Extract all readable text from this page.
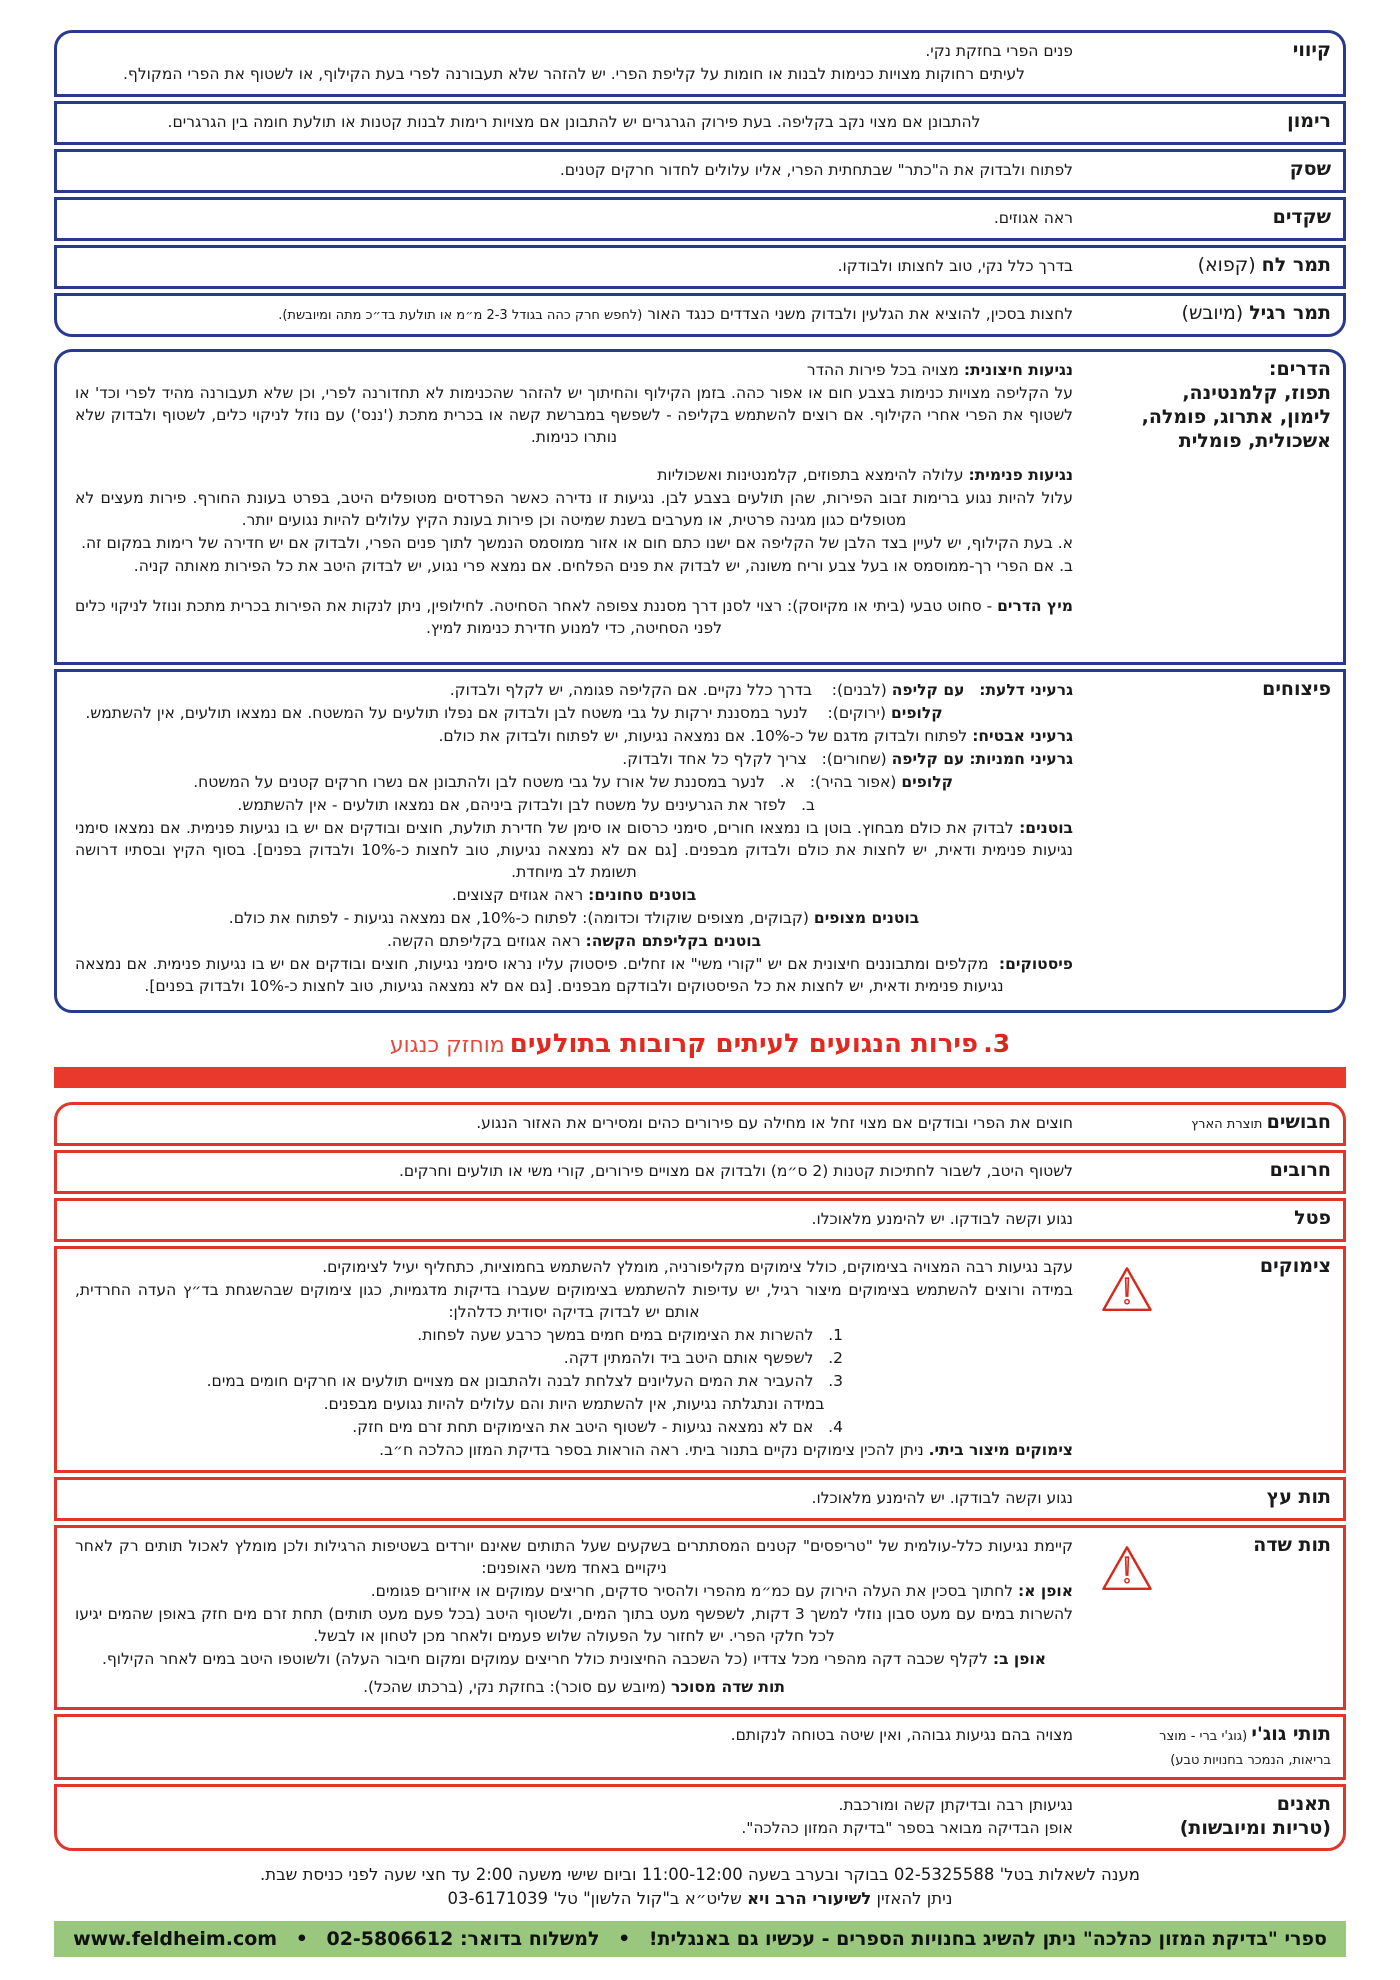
קיווי
פנים הפרי בחזקת נקי.
לעיתים רחוקות מצויות כנימות לבנות או חומות על קליפת הפרי. יש להזהר שלא תעבורנה לפרי בעת הקילוף, או לשטוף את הפרי המקולף.
רימון
להתבונן אם מצוי נקב בקליפה. בעת פירוק הגרגרים יש להתבונן אם מצויות רימות לבנות קטנות או תולעת חומה בין הגרגרים.
שסק
לפתוח ולבדוק את ה"כתר" שבתחתית הפרי, אליו עלולים לחדור חרקים קטנים.
שקדים
ראה אגוזים.
תמר לח (קפוא)
בדרך כלל נקי, טוב לחצותו ולבודקו.
תמר רגיל (מיובש)
לחצות בסכין, להוציא את הגלעין ולבדוק משני הצדדים כנגד האור (לחפש חרק כהה בגודל 2-3 מ״מ או תולעת בד״כ מתה ומיובשת).
הדרים:
תפוז, קלמנטינה,
לימון, אתרוג, פומלה,
אשכולית, פומלית
נגיעות חיצונית: מצויה בכל פירות ההדר
על הקליפה מצויות כנימות בצבע חום או אפור כהה. בזמן הקילוף והחיתוך יש להזהר שהכנימות לא תחדורנה לפרי, וכן שלא תעבורנה מהיד לפרי וכד' או לשטוף את הפרי אחרי הקילוף. אם רוצים להשתמש בקליפה - לשפשף במברשת קשה או בכרית מתכת ('ננס') עם נוזל לניקוי כלים, לשטוף ולבדוק שלא נותרו כנימות.
נגיעות פנימית: עלולה להימצא בתפוזים, קלמנטינות ואשכוליות
עלול להיות נגוע ברימות זבוב הפירות, שהן תולעים בצבע לבן. נגיעות זו נדירה כאשר הפרדסים מטופלים היטב, בפרט בעונת החורף. פירות מעצים לא מטופלים כגון מגינה פרטית, או מערבים בשנת שמיטה וכן פירות בעונת הקיץ עלולים להיות נגועים יותר.
א. בעת הקילוף, יש לעיין בצד הלבן של הקליפה אם ישנו כתם חום או אזור ממוסמס הנמשך לתוך פנים הפרי, ולבדוק אם יש חדירה של רימות במקום זה.
ב. אם הפרי רך-ממוסמס או בעל צבע וריח משונה, יש לבדוק את פנים הפלחים. אם נמצא פרי נגוע, יש לבדוק היטב את כל הפירות מאותה קניה.
מיץ הדרים - סחוט טבעי (ביתי או מקיוסק): רצוי לסנן דרך מסננת צפופה לאחר הסחיטה. לחילופין, ניתן לנקות את הפירות בכרית מתכת ונוזל לניקוי כלים לפני הסחיטה, כדי למנוע חדירת כנימות למיץ.
פיצוחים
גרעיני דלעת:   עם קליפה (לבנים):    בדרך כלל נקיים. אם הקליפה פגומה, יש לקלף ולבדוק.
קלופים (ירוקים):    לנער במסננת ירקות על גבי משטח לבן ולבדוק אם נפלו תולעים על המשטח. אם נמצאו תולעים, אין להשתמש.
גרעיני אבטיח: לפתוח ולבדוק מדגם של כ-10%. אם נמצאה נגיעות, יש לפתוח ולבדוק את כולם.
גרעיני חמניות: עם קליפה (שחורים):   צריך לקלף כל אחד ולבדוק.
קלופים (אפור בהיר):   א.   לנער במסננת של אורז על גבי משטח לבן ולהתבונן אם נשרו חרקים קטנים על המשטח.
ב.   לפזר את הגרעינים על משטח לבן ולבדוק ביניהם, אם נמצאו תולעים - אין להשתמש.
בוטנים: לבדוק את כולם מבחוץ. בוטן בו נמצאו חורים, סימני כרסום או סימן של חדירת תולעת, חוצים ובודקים אם יש בו נגיעות פנימית. אם נמצאו סימני נגיעות פנימית ודאית, יש לחצות את כולם ולבדוק מבפנים. [גם אם לא נמצאה נגיעות, טוב לחצות כ-10% ולבדוק בפנים]. בסוף הקיץ ובסתיו דרושה תשומת לב מיוחדת.
בוטנים טחונים: ראה אגוזים קצוצים.
בוטנים מצופים (קבוקים, מצופים שוקולד וכדומה): לפתוח כ-10%, אם נמצאה נגיעות - לפתוח את כולם.
בוטנים בקליפתם הקשה: ראה אגוזים בקליפתם הקשה.
פיסטוקים:  מקלפים ומתבוננים חיצונית אם יש "קורי משי" או זחלים. פיסטוק עליו נראו סימני נגיעות, חוצים ובודקים אם יש בו נגיעות פנימית. אם נמצאה נגיעות פנימית ודאית, יש לחצות את כל הפיסטוקים ולבודקם מבפנים. [גם אם לא נמצאה נגיעות, טוב לחצות כ-10% ולבדוק בפנים].
3. פירות הנגועים לעיתים קרובות בתולעים מוחזק כנגוע
חבושים תוצרת הארץ
חוצים את הפרי ובודקים אם מצוי זחל או מחילה עם פירורים כהים ומסירים את האזור הנגוע.
חרובים
לשטוף היטב, לשבור לחתיכות קטנות (2 ס״מ) ולבדוק אם מצויים פירורים, קורי משי או תולעים וחרקים.
פטל
נגוע וקשה לבודקו. יש להימנע מלאוכלו.
צימוקים
עקב נגיעות רבה המצויה בצימוקים, כולל צימוקים מקליפורניה, מומלץ להשתמש בחמוציות, כתחליף יעיל לצימוקים.
במידה ורוצים להשתמש בצימוקים מיצור רגיל, יש עדיפות להשתמש בצימוקים שעברו בדיקות מדגמיות, כגון צימוקים שבהשגחת בד״ץ העדה החרדית, אותם יש לבדוק בדיקה יסודית כדלהלן:
1.   להשרות את הצימוקים במים חמים במשך כרבע שעה לפחות.
2.   לשפשף אותם היטב ביד ולהמתין דקה.
3.   להעביר את המים העליונים לצלחת לבנה ולהתבונן אם מצויים תולעים או חרקים חומים במים.
במידה ונתגלתה נגיעות, אין להשתמש היות והם עלולים להיות נגועים מבפנים.
4.   אם לא נמצאה נגיעות - לשטוף היטב את הצימוקים תחת זרם מים חזק.
צימוקים מיצור ביתי. ניתן להכין צימוקים נקיים בתנור ביתי. ראה הוראות בספר בדיקת המזון כהלכה ח״ב.
תות עץ
נגוע וקשה לבודקו. יש להימנע מלאוכלו.
תות שדה
קיימת נגיעות כלל-עולמית של "טריפסים" קטנים המסתתרים בשקעים שעל התותים שאינם יורדים בשטיפות הרגילות ולכן מומלץ לאכול תותים רק לאחר ניקויים באחד משני האופנים:
אופן א: לחתוך בסכין את העלה הירוק עם כמ״מ מהפרי ולהסיר סדקים, חריצים עמוקים או איזורים פגומים.
להשרות במים עם מעט סבון נוזלי למשך 3 דקות, לשפשף מעט בתוך המים, ולשטוף היטב (בכל פעם מעט תותים) תחת זרם מים חזק באופן שהמים יגיעו לכל חלקי הפרי. יש לחזור על הפעולה שלוש פעמים ולאחר מכן לטחון או לבשל.
אופן ב: לקלף שכבה דקה מהפרי מכל צדדיו (כל השכבה החיצונית כולל חריצים עמוקים ומקום חיבור העלה) ולשוטפו היטב במים לאחר הקילוף.
תות שדה מסוכר (מיובש עם סוכר): בחזקת נקי, (ברכתו שהכל).
תותי גוג'י (גוג'י ברי - מוצר
בריאות, הנמכר בחנויות טבע)
מצויה בהם נגיעות גבוהה, ואין שיטה בטוחה לנקותם.
תאנים
(טריות ומיובשות)
נגיעותן רבה ובדיקתן קשה ומורכבת.
אופן הבדיקה מבואר בספר "בדיקת המזון כהלכה".
מענה לשאלות בטל' 02-5325588 בבוקר ובערב בשעה 11:00-12:00 וביום שישי משעה 2:00 עד חצי שעה לפני כניסת שבת.
ניתן להאזין לשיעורי הרב ויא שליט״א ב"קול הלשון" טל' 03-6171039
ספרי "בדיקת המזון כהלכה" ניתן להשיג בחנויות הספרים - עכשיו גם באנגלית! • למשלוח בדואר: 02-5806612 • www.feldheim.com
